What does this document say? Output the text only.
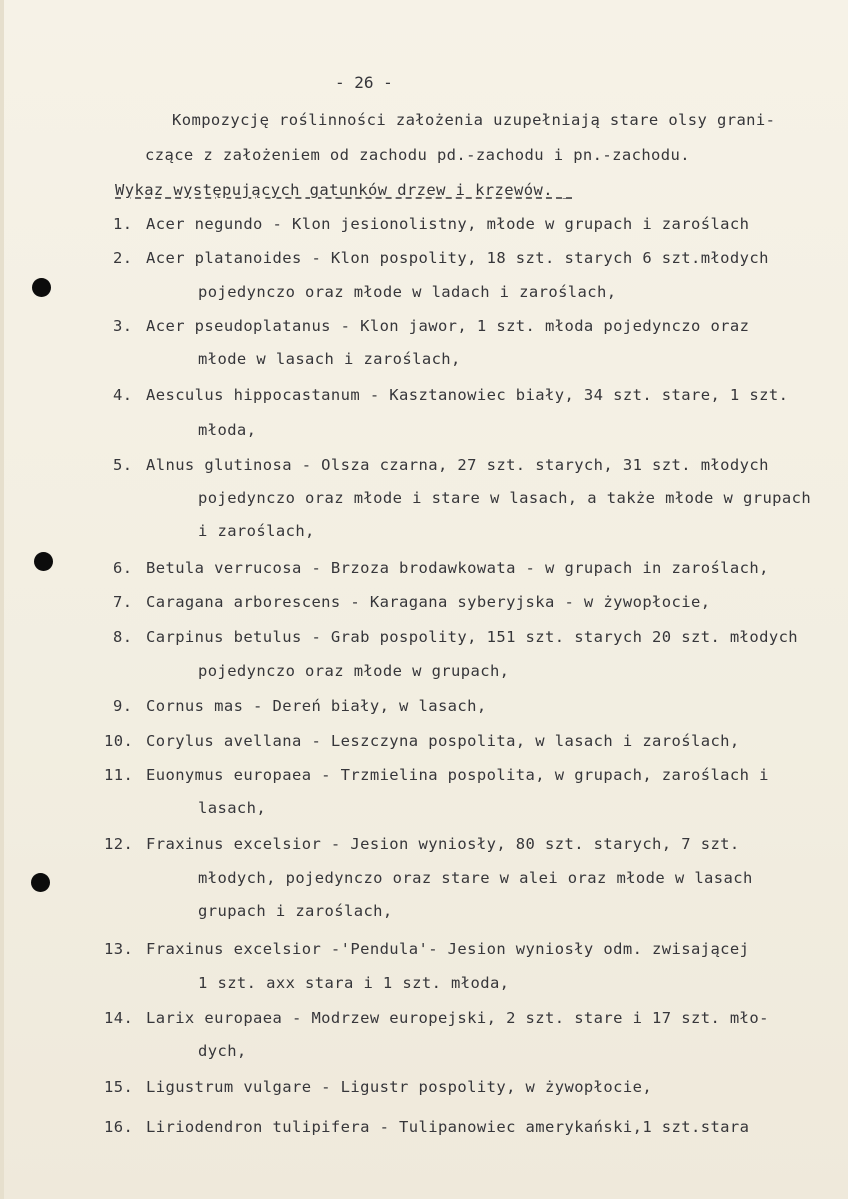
- 26 -
Kompozycję roślinności założenia uzupełniają stare olsy grani-
czące z założeniem od zachodu pd.-zachodu i pn.-zachodu.
Wykaz występujących gatunków drzew i krzewów. _
1. Acer negundo - Klon jesionolistny, młode w grupach i zaroślach
2. Acer platanoides - Klon pospolity, 18 szt. starych 6 szt.młodych
pojedynczo oraz młode w ladach i zaroślach,
3. Acer pseudoplatanus - Klon jawor, 1 szt. młoda pojedynczo oraz
młode w lasach i zaroślach,
4. Aesculus hippocastanum - Kasztanowiec biały, 34 szt. stare, 1 szt.
młoda,
5. Alnus glutinosa - Olsza czarna, 27 szt. starych, 31 szt. młodych
pojedynczo oraz młode i stare w lasach, a także młode w grupach
i zaroślach,
6. Betula verrucosa - Brzoza brodawkowata - w grupach in zaroślach,
7. Caragana arborescens - Karagana syberyjska - w żywopłocie,
8. Carpinus betulus - Grab pospolity, 151 szt. starych 20 szt. młodych
pojedynczo oraz młode w grupach,
9. Cornus mas - Dereń biały, w lasach,
10. Corylus avellana - Leszczyna pospolita, w lasach i zaroślach,
11. Euonymus europaea - Trzmielina pospolita, w grupach, zaroślach i
lasach,
12. Fraxinus excelsior - Jesion wyniosły, 80 szt. starych, 7 szt.
młodych, pojedynczo oraz stare w alei oraz młode w lasach
grupach i zaroślach,
13. Fraxinus excelsior -'Pendula'- Jesion wyniosły odm. zwisającej
1 szt. axx stara i 1 szt. młoda,
14. Larix europaea - Modrzew europejski, 2 szt. stare i 17 szt. mło-
dych,
15. Ligustrum vulgare - Ligustr pospolity, w żywopłocie,
16. Liriodendron tulipifera - Tulipanowiec amerykański,1 szt.stara
